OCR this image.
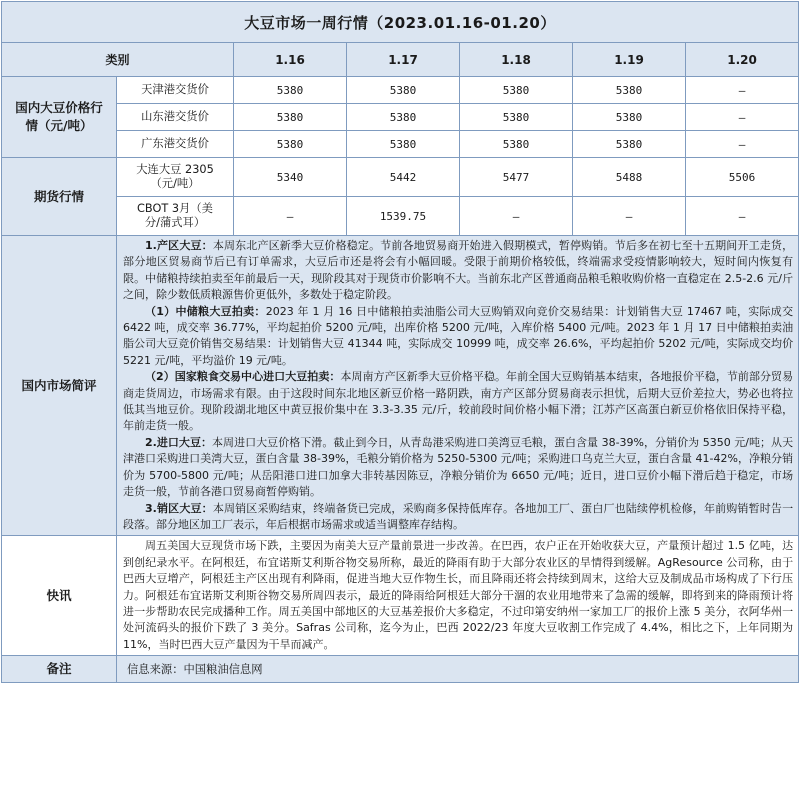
大豆市场一周行情（2023.01.16-01.20）						
类别		1.16	1.17	1.18	1.19	1.20
国内大豆价格行情（元/吨）	天津港交货价	5380	5380	5380	5380	—
	山东港交货价	5380	5380	5380	5380	—
	广东港交货价	5380	5380	5380	5380	—
期货行情	大连大豆 2305（元/吨）	5340	5442	5477	5488	5506
	CBOT 3月（美分/蒲式耳）	—	1539.75	—	—	—
国内市场简评	1.产区大豆：本周东北产区新季大豆价格稳定。节前各地贸易商开始进入假期模式，暂停购销。节后多在初七至十五期间开工走货，部分地区贸易商节后已有订单需求，大豆后市还是将会有小幅回暖。受限于前期价格较低，终端需求受疫情影响较大，短时间内恢复有限。中储粮持续拍卖至年前最后一天，现阶段其对于现货市价影响不大。当前东北产区普通商品粮毛粮收购价格一直稳定在 2.5-2.6 元/斤之间，除少数低质粮源售价更低外，多数处于稳定阶段。

（1）中储粮大豆拍卖：2023 年 1 月 16 日中储粮拍卖油脂公司大豆购销双向竞价交易结果：计划销售大豆 17467 吨，实际成交 6422 吨，成交率 36.77%，平均起拍价 5200 元/吨，出库价格 5200 元/吨，入库价格 5400 元/吨。2023 年 1 月 17 日中储粮拍卖油脂公司大豆竞价销售交易结果：计划销售大豆 41344 吨，实际成交 10999 吨，成交率 26.6%，平均起拍价 5202 元/吨，实际成交均价 5221 元/吨，平均溢价 19 元/吨。

（2）国家粮食交易中心进口大豆拍卖：本周南方产区新季大豆价格平稳。年前全国大豆购销基本结束，各地报价平稳，节前部分贸易商走货周边，市场需求有限。由于这段时间东北地区新豆价格一路阴跌，南方产区部分贸易商表示担忧，后期大豆价差拉大，势必也将拉低其当地豆价。现阶段湖北地区中黄豆报价集中在 3.3-3.35 元/斤，较前段时间价格小幅下滑；江苏产区高蛋白新豆价格依旧保持平稳，年前走货一般。

2.进口大豆：本周进口大豆价格下滑。截止到今日，从青岛港采购进口美湾豆毛粮，蛋白含量 38-39%，分销价为 5350 元/吨；从天津港口采购进口美湾大豆，蛋白含量 38-39%，毛粮分销价格为 5250-5300 元/吨；采购进口乌克兰大豆，蛋白含量 41-42%，净粮分销价为 5700-5800 元/吨；从岳阳港口进口加拿大非转基因陈豆，净粮分销价为 6650 元/吨；近日，进口豆价小幅下滑后趋于稳定，市场走货一般，节前各港口贸易商暂停购销。

3.销区大豆：本周销区采购结束，终端备货已完成，采购商多保持低库存。各地加工厂、蛋白厂也陆续停机检修，年前购销暂时告一段落。部分地区加工厂表示，年后根据市场需求或适当调整库存结构。					

快讯	周五美国大豆现货市场下跌，主要因为南美大豆产量前景进一步改善。在巴西，农户正在开始收获大豆，产量预计超过 1.5 亿吨，达到创纪录水平。在阿根廷，布宜诺斯艾利斯谷物交易所称，最近的降雨有助于大部分农业区的旱情得到缓解。AgResource 公司称，由于巴西大豆增产，阿根廷主产区出现有利降雨，促进当地大豆作物生长，而且降雨还将会持续到周末，这给大豆及制成品市场构成了下行压力。阿根廷布宜诺斯艾利斯谷物交易所周四表示，最近的降雨给阿根廷大部分干涸的农业用地带来了急需的缓解，即将到来的降雨预计将进一步帮助农民完成播种工作。周五美国中部地区的大豆基差报价大多稳定，不过印第安纳州一家加工厂的报价上涨 5 美分，衣阿华州一处河流码头的报价下跌了 3 美分。Safras 公司称，迄今为止，巴西 2022/23 年度大豆收割工作完成了 4.4%，相比之下，上年同期为 11%，当时巴西大豆产量因为干旱而减产。					

备注	信息来源：中国粮油信息网					
